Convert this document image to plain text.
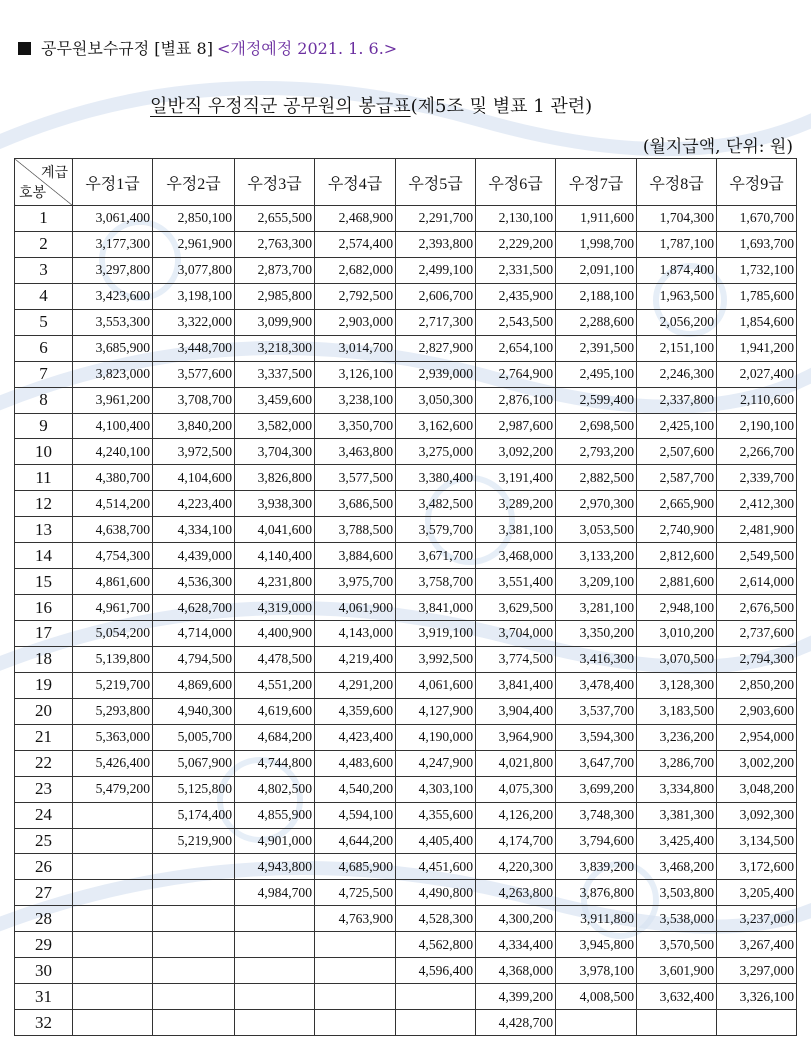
공무원보수규정 [별표 8] <개정예정 2021. 1. 6.>
일반직 우정직군 공무원의 봉급표(제5조 및 별표 1 관련)
(월지급액, 단위: 원)
계급
호봉	우정1급	우정2급	우정3급	우정4급	우정5급	우정6급	우정7급	우정8급	우정9급
1	3,061,400	2,850,100	2,655,500	2,468,900	2,291,700	2,130,100	1,911,600	1,704,300	1,670,700
2	3,177,300	2,961,900	2,763,300	2,574,400	2,393,800	2,229,200	1,998,700	1,787,100	1,693,700
3	3,297,800	3,077,800	2,873,700	2,682,000	2,499,100	2,331,500	2,091,100	1,874,400	1,732,100
4	3,423,600	3,198,100	2,985,800	2,792,500	2,606,700	2,435,900	2,188,100	1,963,500	1,785,600
5	3,553,300	3,322,000	3,099,900	2,903,000	2,717,300	2,543,500	2,288,600	2,056,200	1,854,600
6	3,685,900	3,448,700	3,218,300	3,014,700	2,827,900	2,654,100	2,391,500	2,151,100	1,941,200
7	3,823,000	3,577,600	3,337,500	3,126,100	2,939,000	2,764,900	2,495,100	2,246,300	2,027,400
8	3,961,200	3,708,700	3,459,600	3,238,100	3,050,300	2,876,100	2,599,400	2,337,800	2,110,600
9	4,100,400	3,840,200	3,582,000	3,350,700	3,162,600	2,987,600	2,698,500	2,425,100	2,190,100
10	4,240,100	3,972,500	3,704,300	3,463,800	3,275,000	3,092,200	2,793,200	2,507,600	2,266,700
11	4,380,700	4,104,600	3,826,800	3,577,500	3,380,400	3,191,400	2,882,500	2,587,700	2,339,700
12	4,514,200	4,223,400	3,938,300	3,686,500	3,482,500	3,289,200	2,970,300	2,665,900	2,412,300
13	4,638,700	4,334,100	4,041,600	3,788,500	3,579,700	3,381,100	3,053,500	2,740,900	2,481,900
14	4,754,300	4,439,000	4,140,400	3,884,600	3,671,700	3,468,000	3,133,200	2,812,600	2,549,500
15	4,861,600	4,536,300	4,231,800	3,975,700	3,758,700	3,551,400	3,209,100	2,881,600	2,614,000
16	4,961,700	4,628,700	4,319,000	4,061,900	3,841,000	3,629,500	3,281,100	2,948,100	2,676,500
17	5,054,200	4,714,000	4,400,900	4,143,000	3,919,100	3,704,000	3,350,200	3,010,200	2,737,600
18	5,139,800	4,794,500	4,478,500	4,219,400	3,992,500	3,774,500	3,416,300	3,070,500	2,794,300
19	5,219,700	4,869,600	4,551,200	4,291,200	4,061,600	3,841,400	3,478,400	3,128,300	2,850,200
20	5,293,800	4,940,300	4,619,600	4,359,600	4,127,900	3,904,400	3,537,700	3,183,500	2,903,600
21	5,363,000	5,005,700	4,684,200	4,423,400	4,190,000	3,964,900	3,594,300	3,236,200	2,954,000
22	5,426,400	5,067,900	4,744,800	4,483,600	4,247,900	4,021,800	3,647,700	3,286,700	3,002,200
23	5,479,200	5,125,800	4,802,500	4,540,200	4,303,100	4,075,300	3,699,200	3,334,800	3,048,200
24		5,174,400	4,855,900	4,594,100	4,355,600	4,126,200	3,748,300	3,381,300	3,092,300
25		5,219,900	4,901,000	4,644,200	4,405,400	4,174,700	3,794,600	3,425,400	3,134,500
26			4,943,800	4,685,900	4,451,600	4,220,300	3,839,200	3,468,200	3,172,600
27			4,984,700	4,725,500	4,490,800	4,263,800	3,876,800	3,503,800	3,205,400
28				4,763,900	4,528,300	4,300,200	3,911,800	3,538,000	3,237,000
29					4,562,800	4,334,400	3,945,800	3,570,500	3,267,400
30					4,596,400	4,368,000	3,978,100	3,601,900	3,297,000
31						4,399,200	4,008,500	3,632,400	3,326,100
32						4,428,700			
